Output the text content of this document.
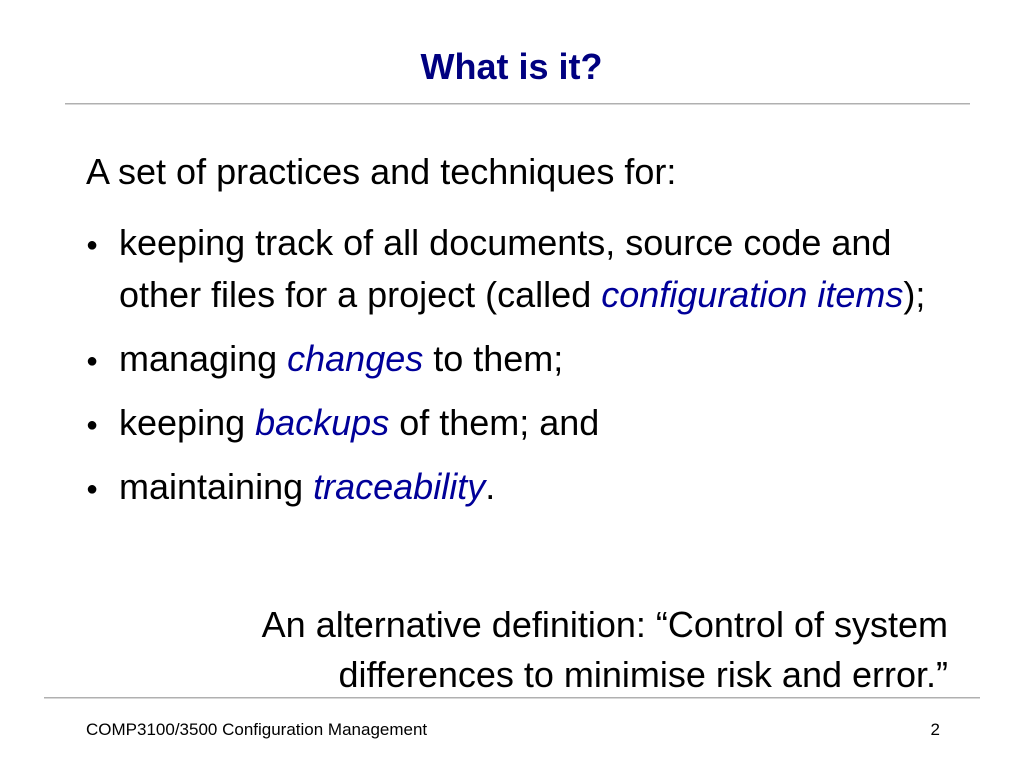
What is it?

A set of practices and techniques for:

● keeping track of all documents, source code and other files for a project (called configuration items);
● managing changes to them;
● keeping backups of them; and
● maintaining traceability.

An alternative definition: “Control of system
differences to minimise risk and error.”

COMP3100/3500 Configuration Management	2
